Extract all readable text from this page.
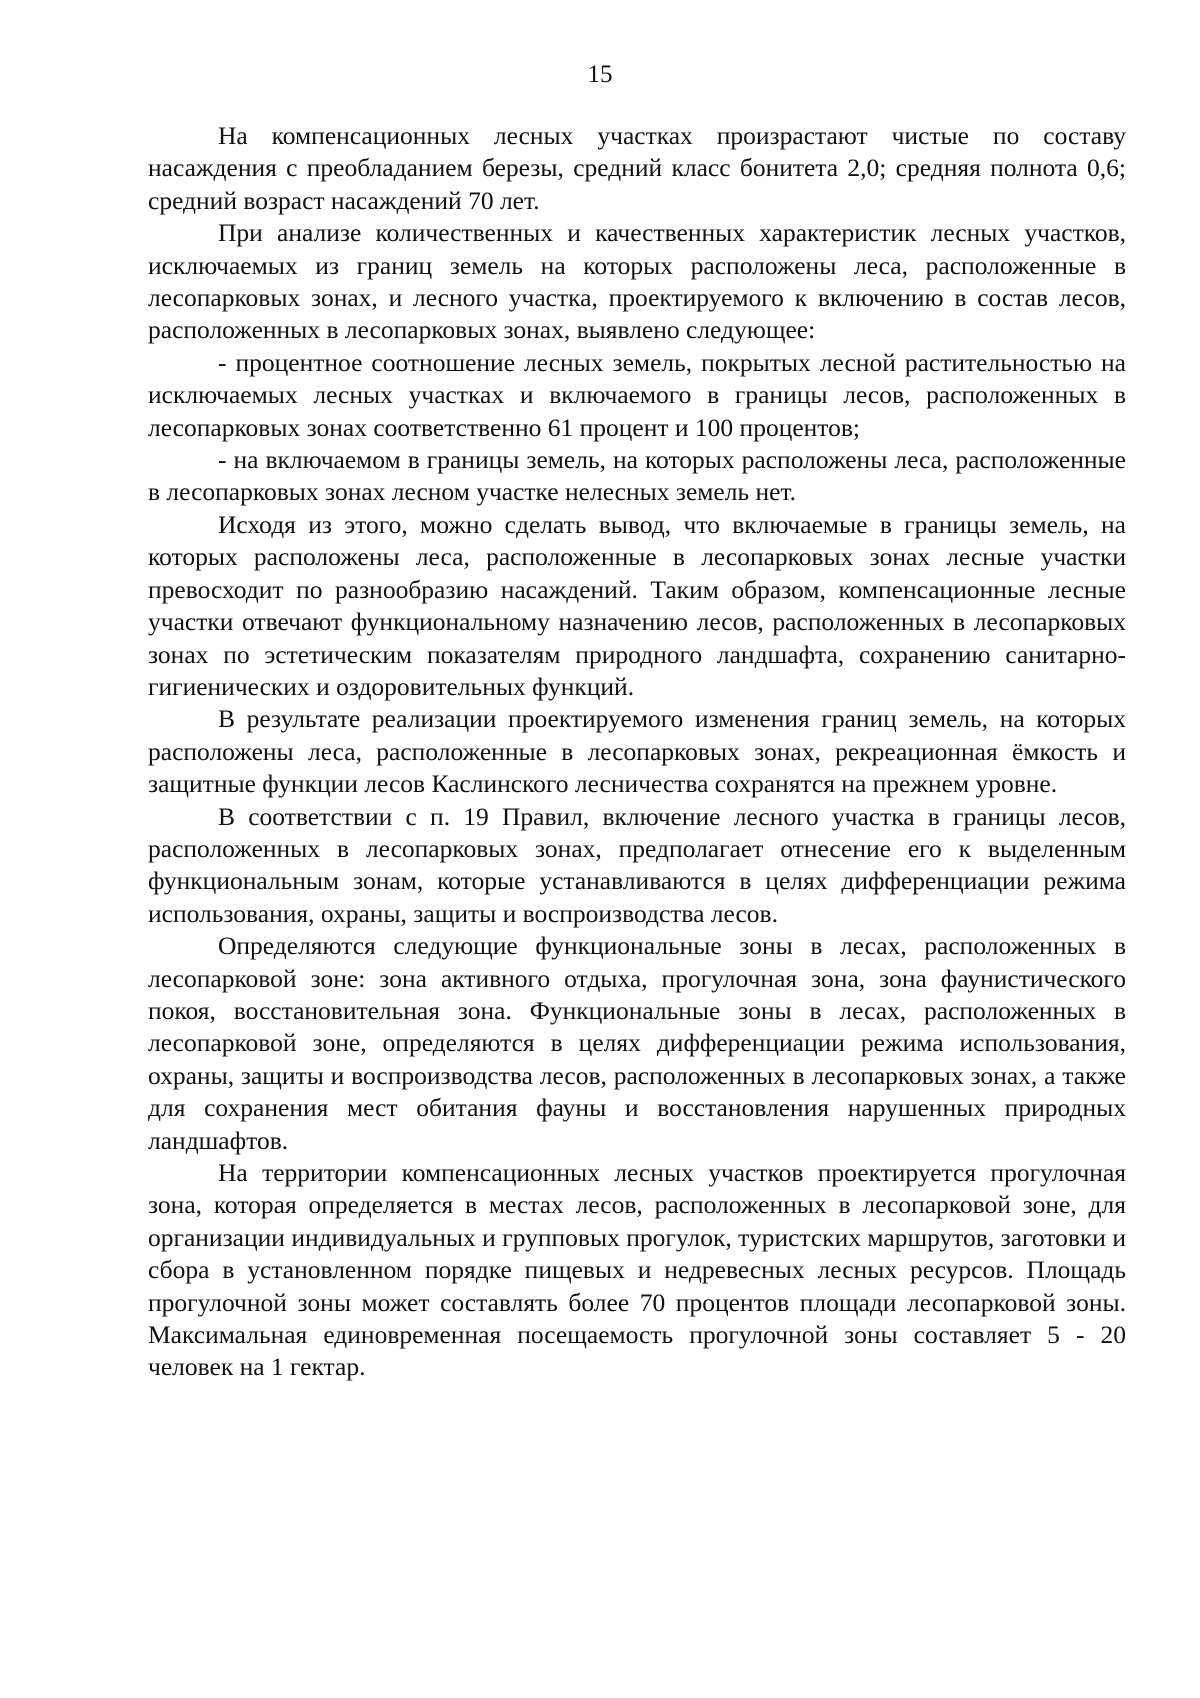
15

На компенсационных лесных участках произрастают чистые по составу насаждения с преобладанием березы, средний класс бонитета 2,0; средняя полнота 0,6; средний возраст насаждений 70 лет.

При анализе количественных и качественных характеристик лесных участков, исключаемых из границ земель на которых расположены леса, расположенные в лесопарковых зонах, и лесного участка, проектируемого к включению в состав лесов, расположенных в лесопарковых зонах, выявлено следующее:

- процентное соотношение лесных земель, покрытых лесной растительностью на исключаемых лесных участках и включаемого в границы лесов, расположенных в лесопарковых зонах соответственно 61 процент и 100 процентов;

- на включаемом в границы земель, на которых расположены леса, расположенные в лесопарковых зонах лесном участке нелесных земель нет.

Исходя из этого, можно сделать вывод, что включаемые в границы земель, на которых расположены леса, расположенные в лесопарковых зонах лесные участки превосходит по разнообразию насаждений. Таким образом, компенсационные лесные участки отвечают функциональному назначению лесов, расположенных в лесопарковых зонах по эстетическим показателям природного ландшафта, сохранению санитарно-гигиенических и оздоровительных функций.

В результате реализации проектируемого изменения границ земель, на которых расположены леса, расположенные в лесопарковых зонах, рекреационная ёмкость и защитные функции лесов Каслинского лесничества сохранятся на прежнем уровне.

В соответствии с п. 19 Правил, включение лесного участка в границы лесов, расположенных в лесопарковых зонах, предполагает отнесение его к выделенным функциональным зонам, которые устанавливаются в целях дифференциации режима использования, охраны, защиты и воспроизводства лесов.

Определяются следующие функциональные зоны в лесах, расположенных в лесопарковой зоне: зона активного отдыха, прогулочная зона, зона фаунистического покоя, восстановительная зона. Функциональные зоны в лесах, расположенных в лесопарковой зоне, определяются в целях дифференциации режима использования, охраны, защиты и воспроизводства лесов, расположенных в лесопарковых зонах, а также для сохранения мест обитания фауны и восстановления нарушенных природных ландшафтов.

На территории компенсационных лесных участков проектируется прогулочная зона, которая определяется в местах лесов, расположенных в лесопарковой зоне, для организации индивидуальных и групповых прогулок, туристских маршрутов, заготовки и сбора в установленном порядке пищевых и недревесных лесных ресурсов. Площадь прогулочной зоны может составлять более 70 процентов площади лесопарковой зоны. Максимальная единовременная посещаемость прогулочной зоны составляет 5 - 20 человек на 1 гектар.
